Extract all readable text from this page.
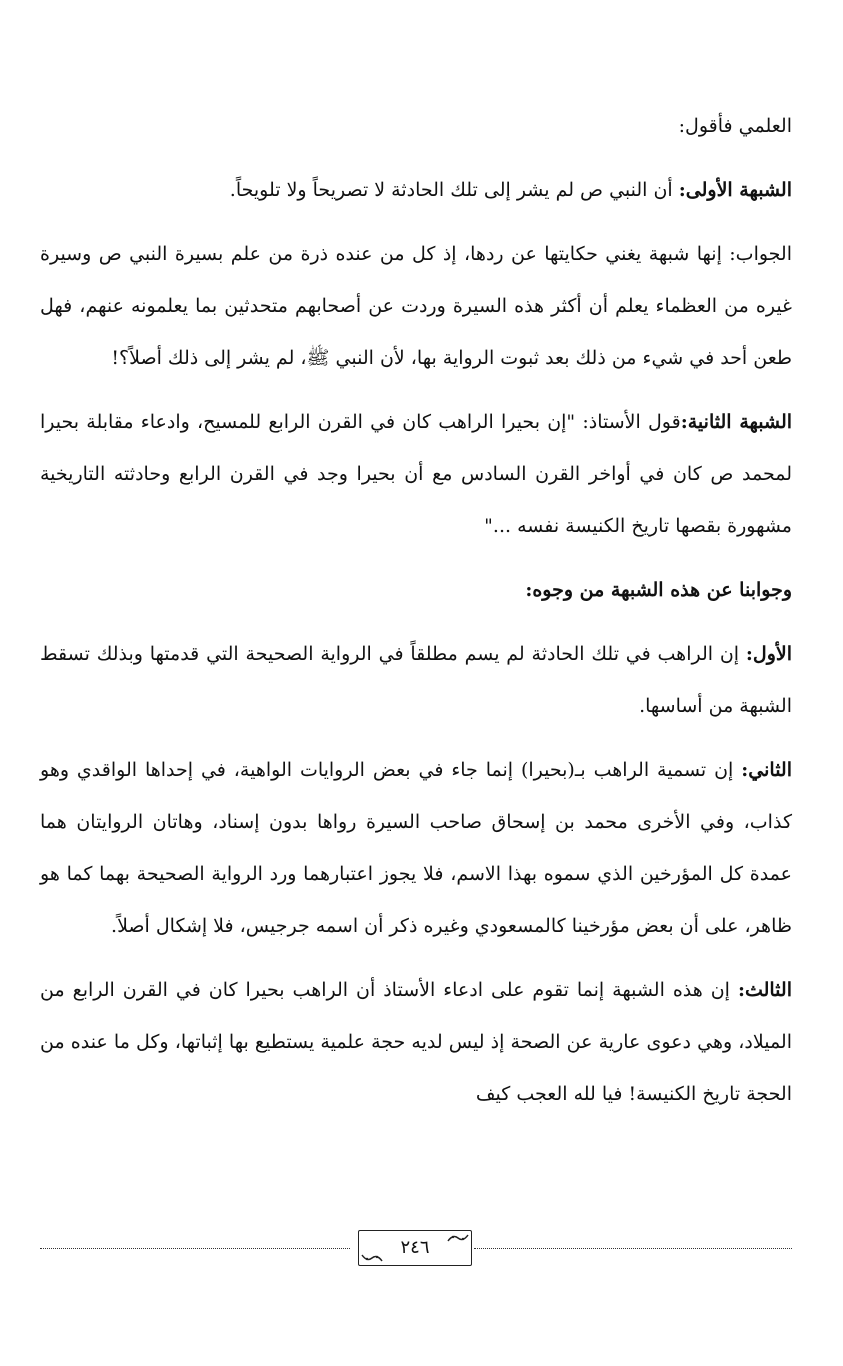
العلمي فأقول:

الشبهة الأولى: أن النبي ص لم يشر إلى تلك الحادثة لا تصريحاً ولا تلويحاً.

الجواب: إنها شبهة يغني حكايتها عن ردها، إذ كل من عنده ذرة من علم بسيرة النبي ص وسيرة غيره من العظماء يعلم أن أكثر هذه السيرة وردت عن أصحابهم متحدثين بما يعلمونه عنهم، فهل طعن أحد في شيء من ذلك بعد ثبوت الرواية بها، لأن النبي ﷺ، لم يشر إلى ذلك أصلاً؟!

الشبهة الثانية:قول الأستاذ: "إن بحيرا الراهب كان في القرن الرابع للمسيح، وادعاء مقابلة بحيرا لمحمد ص كان في أواخر القرن السادس مع أن بحيرا وجد في القرن الرابع وحادثته التاريخية مشهورة بقصها تاريخ الكنيسة نفسه ..."

وجوابنا عن هذه الشبهة من وجوه:

الأول: إن الراهب في تلك الحادثة لم يسم مطلقاً في الرواية الصحيحة التي قدمتها وبذلك تسقط الشبهة من أساسها.

الثاني: إن تسمية الراهب بـ(بحيرا) إنما جاء في بعض الروايات الواهية، في إحداها الواقدي وهو كذاب، وفي الأخرى محمد بن إسحاق صاحب السيرة رواها بدون إسناد، وهاتان الروايتان هما عمدة كل المؤرخين الذي سموه بهذا الاسم، فلا يجوز اعتبارهما ورد الرواية الصحيحة بهما كما هو ظاهر، على أن بعض مؤرخينا كالمسعودي وغيره ذكر أن اسمه جرجيس، فلا إشكال أصلاً.

الثالث: إن هذه الشبهة إنما تقوم على ادعاء الأستاذ أن الراهب بحيرا كان في القرن الرابع من الميلاد، وهي دعوى عارية عن الصحة إذ ليس لديه حجة علمية يستطيع بها إثباتها، وكل ما عنده من الحجة تاريخ الكنيسة! فيا لله العجب كيف

٢٤٦
